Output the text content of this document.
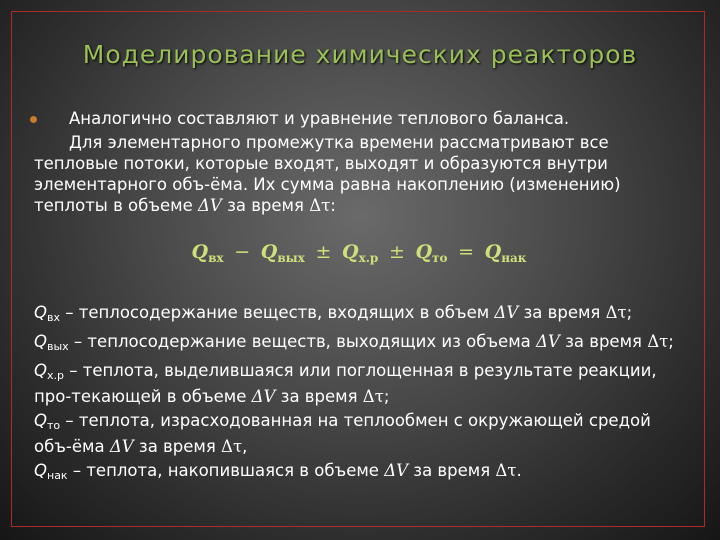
Моделирование химических реакторов
Аналогично составляют и уравнение теплового баланса.
Для элементарного промежутка времени рассматривают все тепловые потоки, которые входят, выходят и образуются внутри элементарного объ-ёма. Их сумма равна накоплению (изменению) теплоты в объеме ΔV за время Δτ:
$Q_{вх} - Q_{вых} \pm Q_{х.р} \pm Q_{то} = Q_{нак}$
$Q_{вх}$ – теплосодержание веществ, входящих в объем ΔV за время Δτ;
$Q_{вых}$ – теплосодержание веществ, выходящих из объема ΔV за время Δτ;
$Q_{х.р}$ – теплота, выделившаяся или поглощенная в результате реакции, про-текающей в объеме ΔV за время Δτ;
$Q_{то}$ – теплота, израсходованная на теплообмен с окружающей средой объ-ёма ΔV за время Δτ,
$Q_{нак}$ – теплота, накопившаяся в объеме ΔV за время Δτ.
